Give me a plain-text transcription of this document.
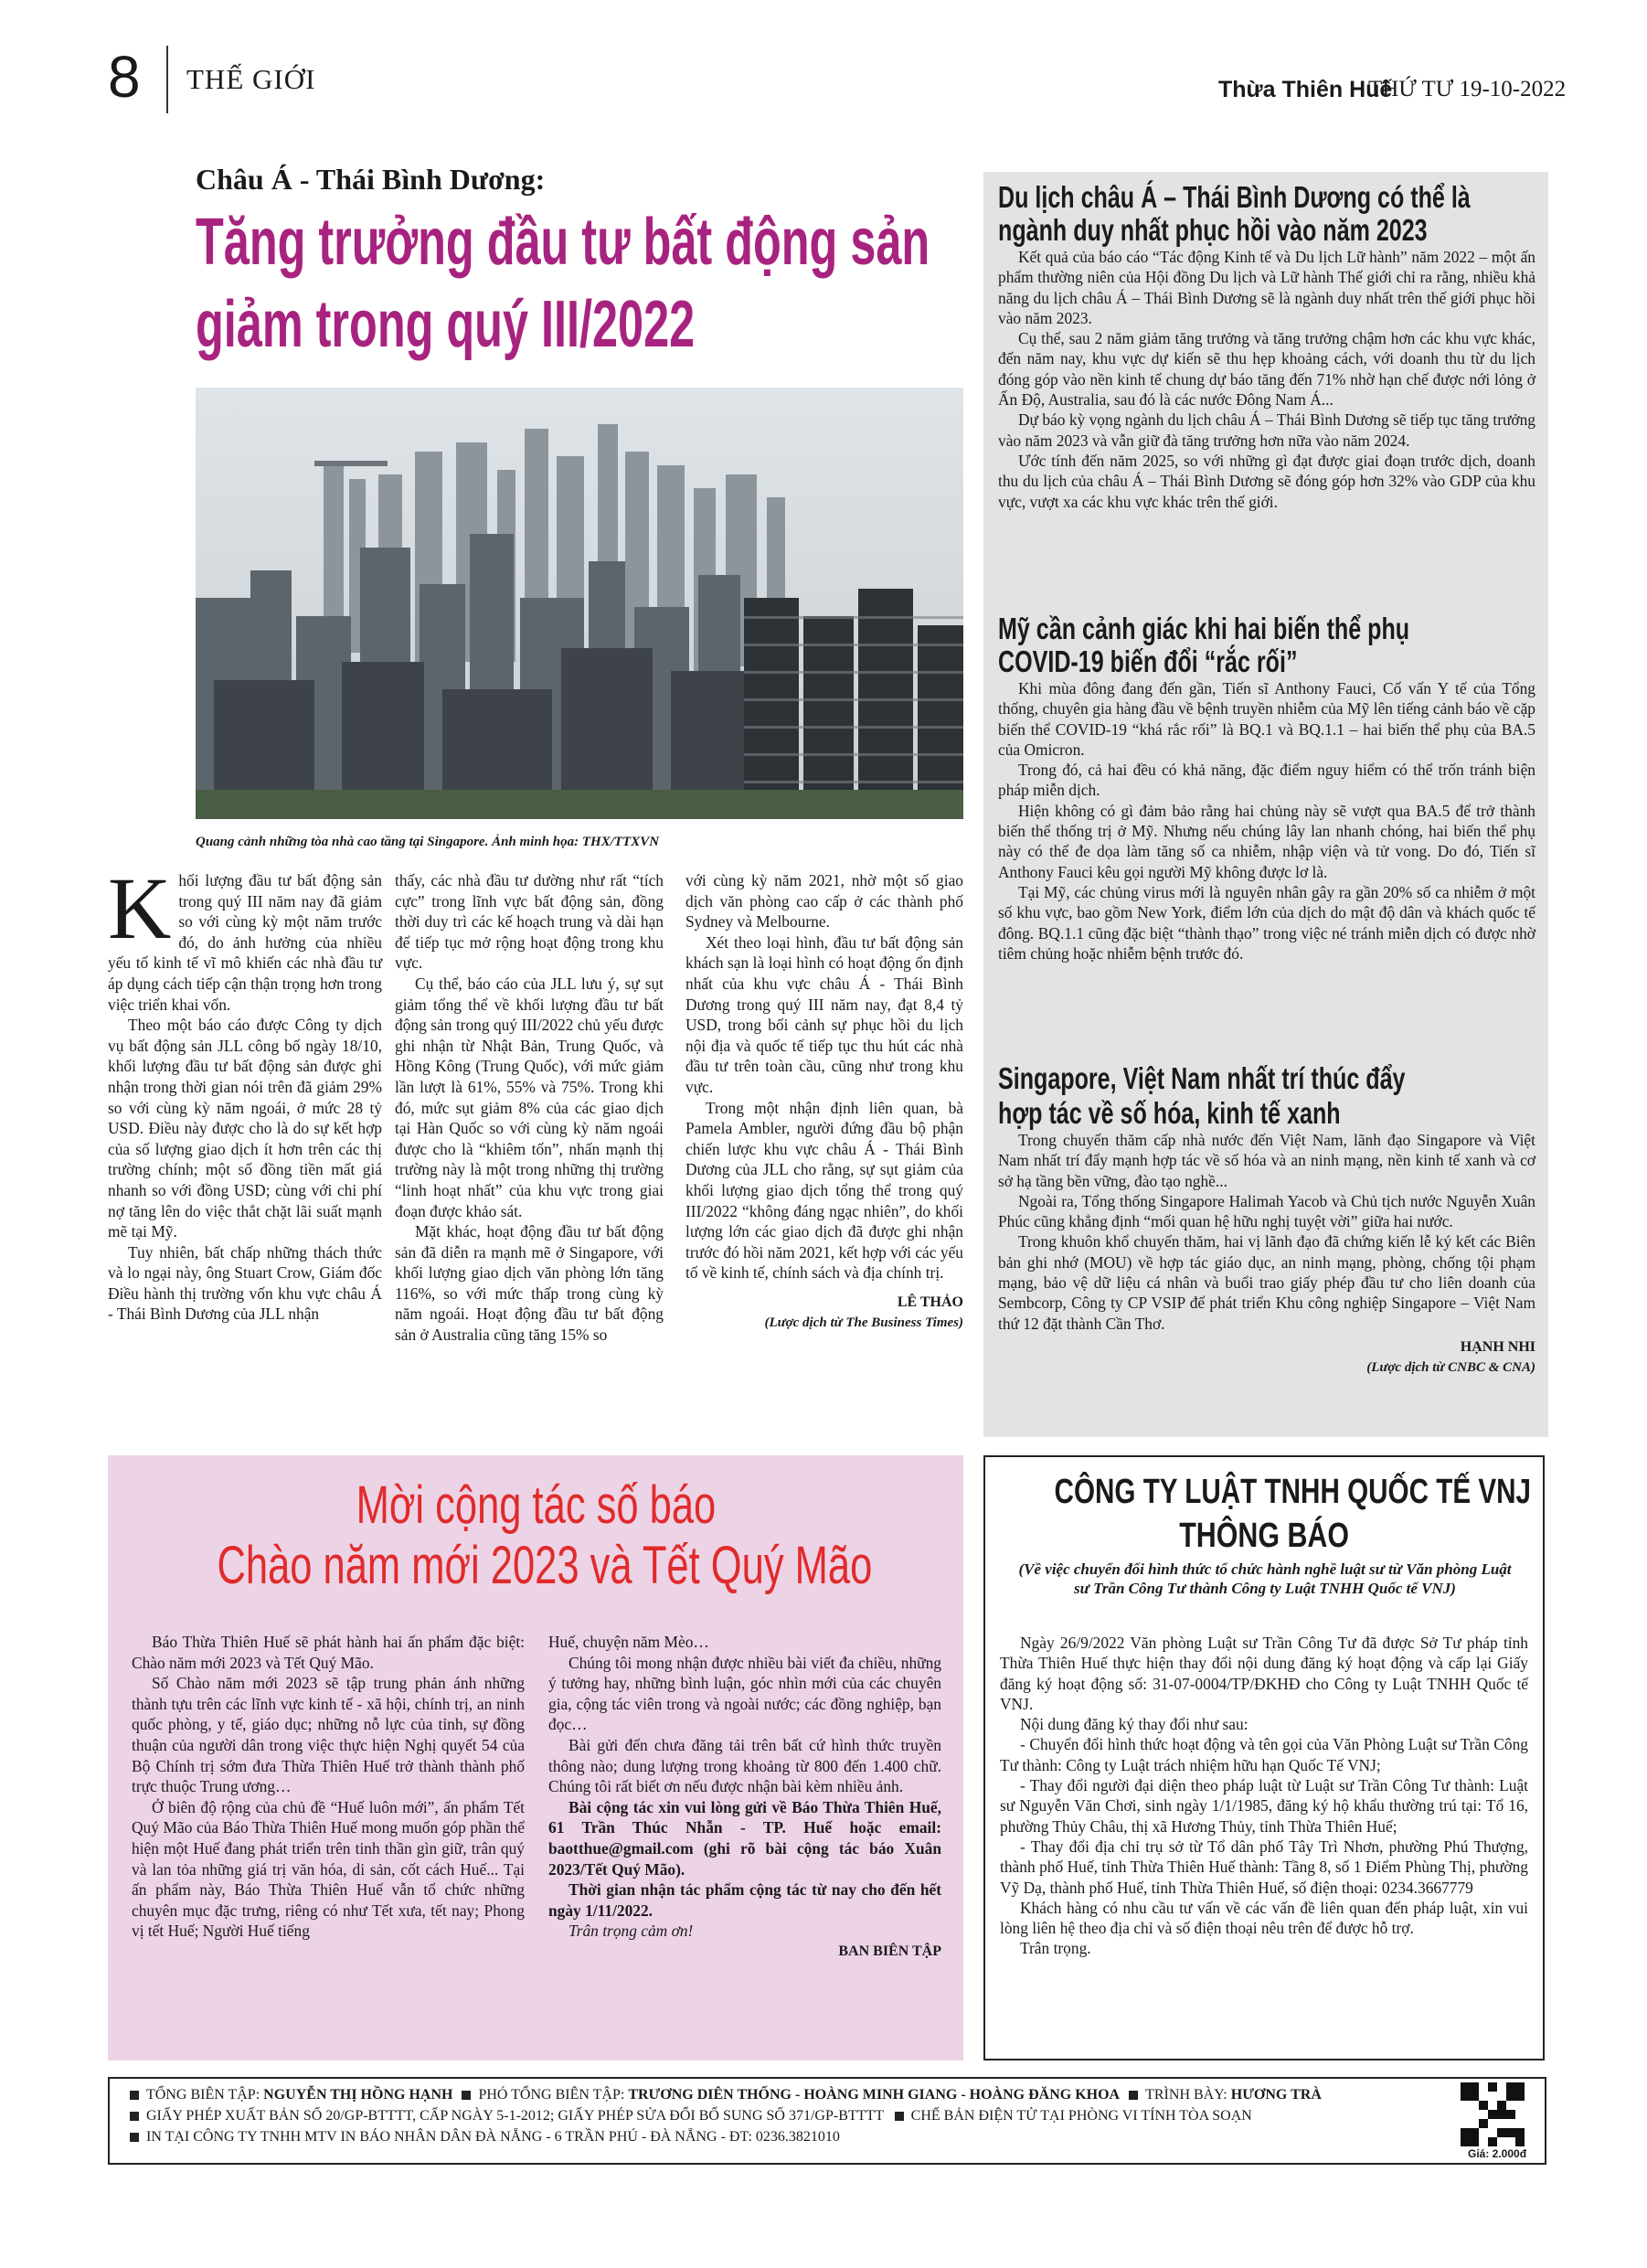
8 THẾ GIỚI	Thừa Thiên Huế
THỨ TƯ 19-10-2022
Châu Á - Thái Bình Dương:
Tăng trưởng đầu tư bất động sản
giảm trong quý III/2022
Quang cảnh những tòa nhà cao tầng tại Singapore. Ảnh minh họa: THX/TTXVN
K hối lượng đầu tư bất động sản trong quý III năm nay đã giảm so với cùng kỳ một năm trước đó, do ảnh hưởng của nhiều yếu tố kinh tế vĩ mô khiến các nhà đầu tư áp dụng cách tiếp cận thận trọng hơn trong việc triển khai vốn.

Theo một báo cáo được Công ty dịch vụ bất động sản JLL công bố ngày 18/10, khối lượng đầu tư bất động sản được ghi nhận trong thời gian nói trên đã giảm 29% so với cùng kỳ năm ngoái, ở mức 28 tỷ USD. Điều này được cho là do sự kết hợp của số lượng giao dịch ít hơn trên các thị trường chính; một số đồng tiền mất giá nhanh so với đồng USD; cùng với chi phí nợ tăng lên do việc thắt chặt lãi suất mạnh mẽ tại Mỹ.

Tuy nhiên, bất chấp những thách thức và lo ngại này, ông Stuart Crow, Giám đốc Điều hành thị trường vốn khu vực châu Á - Thái Bình Dương của JLL nhận

thấy, các nhà đầu tư dường như rất “tích cực” trong lĩnh vực bất động sản, đồng thời duy trì các kế hoạch trung và dài hạn để tiếp tục mở rộng hoạt động trong khu vực.

Cụ thể, báo cáo của JLL lưu ý, sự sụt giảm tổng thể về khối lượng đầu tư bất động sản trong quý III/2022 chủ yếu được ghi nhận từ Nhật Bản, Trung Quốc, và Hồng Kông (Trung Quốc), với mức giảm lần lượt là 61%, 55% và 75%. Trong khi đó, mức sụt giảm 8% của các giao dịch tại Hàn Quốc so với cùng kỳ năm ngoái được cho là “khiêm tốn”, nhấn mạnh thị trường này là một trong những thị trường “linh hoạt nhất” của khu vực trong giai đoạn được khảo sát.

Mặt khác, hoạt động đầu tư bất động sản đã diễn ra mạnh mẽ ở Singapore, với khối lượng giao dịch văn phòng lớn tăng 116%, so với mức thấp trong cùng kỳ năm ngoái. Hoạt động đầu tư bất động sản ở Australia cũng tăng 15% so

với cùng kỳ năm 2021, nhờ một số giao dịch văn phòng cao cấp ở các thành phố Sydney và Melbourne.

Xét theo loại hình, đầu tư bất động sản khách sạn là loại hình có hoạt động ổn định nhất của khu vực châu Á - Thái Bình Dương trong quý III năm nay, đạt 8,4 tỷ USD, trong bối cảnh sự phục hồi du lịch nội địa và quốc tế tiếp tục thu hút các nhà đầu tư trên toàn cầu, cũng như trong khu vực.

Trong một nhận định liên quan, bà Pamela Ambler, người đứng đầu bộ phận chiến lược khu vực châu Á - Thái Bình Dương của JLL cho rằng, sự sụt giảm của khối lượng giao dịch tổng thể trong quý III/2022 “không đáng ngạc nhiên”, do khối lượng lớn các giao dịch đã được ghi nhận trước đó hồi năm 2021, kết hợp với các yếu tố về kinh tế, chính sách và địa chính trị.

LÊ THẢO
(Lược dịch từ The Business Times)
Du lịch châu Á – Thái Bình Dương có thể là
ngành duy nhất phục hồi vào năm 2023

Kết quả của báo cáo “Tác động Kinh tế và Du lịch Lữ hành” năm 2022 – một ấn phẩm thường niên của Hội đồng Du lịch và Lữ hành Thế giới chỉ ra rằng, nhiều khả năng du lịch châu Á – Thái Bình Dương sẽ là ngành duy nhất trên thế giới phục hồi vào năm 2023.

Cụ thể, sau 2 năm giảm tăng trưởng và tăng trưởng chậm hơn các khu vực khác, đến năm nay, khu vực dự kiến sẽ thu hẹp khoảng cách, với doanh thu từ du lịch đóng góp vào nền kinh tế chung dự báo tăng đến 71% nhờ hạn chế được nới lỏng ở Ấn Độ, Australia, sau đó là các nước Đông Nam Á...

Dự báo kỳ vọng ngành du lịch châu Á – Thái Bình Dương sẽ tiếp tục tăng trưởng vào năm 2023 và vẫn giữ đà tăng trưởng hơn nữa vào năm 2024.

Ước tính đến năm 2025, so với những gì đạt được giai đoạn trước dịch, doanh thu du lịch của châu Á – Thái Bình Dương sẽ đóng góp hơn 32% vào GDP của khu vực, vượt xa các khu vực khác trên thế giới.

Mỹ cần cảnh giác khi hai biến thể phụ
COVID-19 biến đổi “rắc rối”

Khi mùa đông đang đến gần, Tiến sĩ Anthony Fauci, Cố vấn Y tế của Tổng thống, chuyên gia hàng đầu về bệnh truyền nhiễm của Mỹ lên tiếng cảnh báo về cặp biến thể COVID-19 “khá rắc rối” là BQ.1 và BQ.1.1 – hai biến thể phụ của BA.5 của Omicron.

Trong đó, cả hai đều có khả năng, đặc điểm nguy hiểm có thể trốn tránh biện pháp miễn dịch.

Hiện không có gì đảm bảo rằng hai chủng này sẽ vượt qua BA.5 để trở thành biến thể thống trị ở Mỹ. Nhưng nếu chúng lây lan nhanh chóng, hai biến thể phụ này có thể đe dọa làm tăng số ca nhiễm, nhập viện và tử vong. Do đó, Tiến sĩ Anthony Fauci kêu gọi người Mỹ không được lơ là.

Tại Mỹ, các chủng virus mới là nguyên nhân gây ra gần 20% số ca nhiễm ở một số khu vực, bao gồm New York, điểm lớn của dịch do mật độ dân và khách quốc tế đông. BQ.1.1 cũng đặc biệt “thành thạo” trong việc né tránh miễn dịch có được nhờ tiêm chủng hoặc nhiễm bệnh trước đó.

Singapore, Việt Nam nhất trí thúc đẩy
hợp tác về số hóa, kinh tế xanh

Trong chuyến thăm cấp nhà nước đến Việt Nam, lãnh đạo Singapore và Việt Nam nhất trí đẩy mạnh hợp tác về số hóa và an ninh mạng, nền kinh tế xanh và cơ sở hạ tầng bền vững, đào tạo nghề...

Ngoài ra, Tổng thống Singapore Halimah Yacob và Chủ tịch nước Nguyễn Xuân Phúc cũng khẳng định “mối quan hệ hữu nghị tuyệt vời” giữa hai nước.

Trong khuôn khổ chuyến thăm, hai vị lãnh đạo đã chứng kiến lễ ký kết các Biên bản ghi nhớ (MOU) về hợp tác giáo dục, an ninh mạng, phòng, chống tội phạm mạng, bảo vệ dữ liệu cá nhân và buổi trao giấy phép đầu tư cho liên doanh của Sembcorp, Công ty CP VSIP để phát triển Khu công nghiệp Singapore – Việt Nam thứ 12 đặt thành Cần Thơ.

HẠNH NHI
(Lược dịch từ CNBC & CNA)
Mời cộng tác số báo
Chào năm mới 2023 và Tết Quý Mão

Báo Thừa Thiên Huế sẽ phát hành hai ấn phẩm đặc biệt: Chào năm mới 2023 và Tết Quý Mão.

Số Chào năm mới 2023 sẽ tập trung phản ánh những thành tựu trên các lĩnh vực kinh tế - xã hội, chính trị, an ninh quốc phòng, y tế, giáo dục; những nỗ lực của tỉnh, sự đồng thuận của người dân trong việc thực hiện Nghị quyết 54 của Bộ Chính trị sớm đưa Thừa Thiên Huế trở thành thành phố trực thuộc Trung ương…

Ở biên độ rộng của chủ đề “Huế luôn mới”, ấn phẩm Tết Quý Mão của Báo Thừa Thiên Huế mong muốn góp phần thể hiện một Huế đang phát triển trên tinh thần gìn giữ, trân quý và lan tỏa những giá trị văn hóa, di sản, cốt cách Huế... Tại ấn phẩm này, Báo Thừa Thiên Huế vẫn tổ chức những chuyên mục đặc trưng, riêng có như Tết xưa, tết nay; Phong vị tết Huế; Người Huế tiếng

Huế, chuyện năm Mèo…

Chúng tôi mong nhận được nhiều bài viết đa chiều, những ý tưởng hay, những bình luận, góc nhìn mới của các chuyên gia, cộng tác viên trong và ngoài nước; các đồng nghiệp, bạn đọc…

Bài gửi đến chưa đăng tải trên bất cứ hình thức truyền thông nào; dung lượng trong khoảng từ 800 đến 1.400 chữ. Chúng tôi rất biết ơn nếu được nhận bài kèm nhiều ảnh.

Bài cộng tác xin vui lòng gửi về Báo Thừa Thiên Huế, 61 Trần Thúc Nhẫn - TP. Huế hoặc email: baotthue@gmail.com (ghi rõ bài cộng tác báo Xuân 2023/Tết Quý Mão).

Thời gian nhận tác phẩm cộng tác từ nay cho đến hết ngày 1/11/2022.

Trân trọng cảm ơn!

BAN BIÊN TẬP
CÔNG TY LUẬT TNHH QUỐC TẾ VNJ
THÔNG BÁO
(Về việc chuyển đổi hình thức tổ chức hành nghề luật sư từ Văn phòng Luật sư Trần Công Tư thành Công ty Luật TNHH Quốc tế VNJ)

Ngày 26/9/2022 Văn phòng Luật sư Trần Công Tư đã được Sở Tư pháp tỉnh Thừa Thiên Huế thực hiện thay đổi nội dung đăng ký hoạt động và cấp lại Giấy đăng ký hoạt động số: 31-07-0004/TP/ĐKHĐ cho Công ty Luật TNHH Quốc tế VNJ.

Nội dung đăng ký thay đổi như sau:

- Chuyển đổi hình thức hoạt động và tên gọi của Văn Phòng Luật sư Trần Công Tư thành: Công ty Luật trách nhiệm hữu hạn Quốc Tế VNJ;

- Thay đổi người đại diện theo pháp luật từ Luật sư Trần Công Tư thành: Luật sư Nguyễn Văn Chơi, sinh ngày 1/1/1985, đăng ký hộ khẩu thường trú tại: Tổ 16, phường Thủy Châu, thị xã Hương Thủy, tỉnh Thừa Thiên Huế;

- Thay đổi địa chỉ trụ sở từ Tổ dân phố Tây Trì Nhơn, phường Phú Thượng, thành phố Huế, tỉnh Thừa Thiên Huế thành: Tầng 8, số 1 Điểm Phùng Thị, phường Vỹ Dạ, thành phố Huế, tỉnh Thừa Thiên Huế, số điện thoại: 0234.3667779

Khách hàng có nhu cầu tư vấn về các vấn đề liên quan đến pháp luật, xin vui lòng liên hệ theo địa chỉ và số điện thoại nêu trên để được hỗ trợ.

Trân trọng.

TỔNG BIÊN TẬP: NGUYỄN THỊ HỒNG HẠNH PHÓ TỔNG BIÊN TẬP: TRƯƠNG DIÊN THỐNG - HOÀNG MINH GIANG - HOÀNG ĐĂNG KHOA TRÌNH BÀY: HƯƠNG TRÀ
GIẤY PHÉP XUẤT BẢN SỐ 20/GP-BTTTT, CẤP NGÀY 5-1-2012; GIẤY PHÉP SỬA ĐỔI BỔ SUNG SỐ 371/GP-BTTTT CHẾ BẢN ĐIỆN TỬ TẠI PHÒNG VI TÍNH TÒA SOẠN
IN TẠI CÔNG TY TNHH MTV IN BÁO NHÂN DÂN ĐÀ NẴNG - 6 TRẦN PHÚ - ĐÀ NẴNG - ĐT: 0236.3821010
Giá: 2.000đ
